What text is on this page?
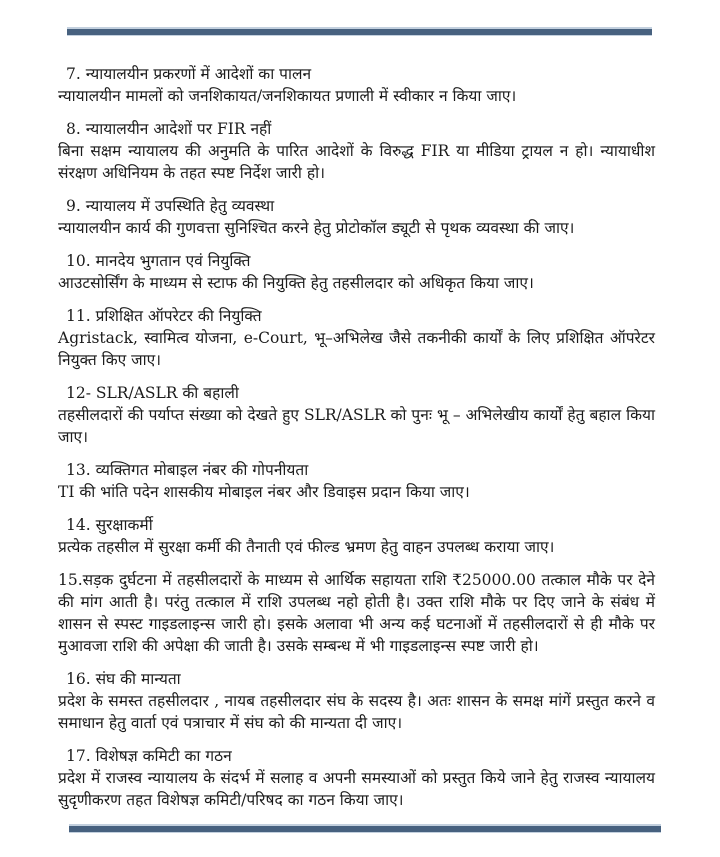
7. न्यायालयीन प्रकरणों में आदेशों का पालन
न्यायालयीन मामलों को जनशिकायत/जनशिकायत प्रणाली में स्वीकार न किया जाए।
8. न्यायालयीन आदेशों पर FIR नहीं
बिना सक्षम न्यायालय की अनुमति के पारित आदेशों के विरुद्ध FIR या मीडिया ट्रायल न हो। न्यायाधीश संरक्षण अधिनियम के तहत स्पष्ट निर्देश जारी हो।
9. न्यायालय में उपस्थिति हेतु व्यवस्था
न्यायालयीन कार्य की गुणवत्ता सुनिश्चित करने हेतु प्रोटोकॉल ड्यूटी से पृथक व्यवस्था की जाए।
10. मानदेय भुगतान एवं नियुक्ति
आउटसोर्सिंग के माध्यम से स्टाफ की नियुक्ति हेतु तहसीलदार को अधिकृत किया जाए।
11. प्रशिक्षित ऑपरेटर की नियुक्ति
Agristack, स्वामित्व योजना, e-Court, भू–अभिलेख जैसे तकनीकी कार्यों के लिए प्रशिक्षित ऑपरेटर नियुक्त किए जाए।
12- SLR/ASLR की बहाली
तहसीलदारों की पर्याप्त संख्या को देखते हुए SLR/ASLR को पुनः भू – अभिलेखीय कार्यों हेतु बहाल किया जाए।
13. व्यक्तिगत मोबाइल नंबर की गोपनीयता
TI की भांति पदेन शासकीय मोबाइल नंबर और डिवाइस प्रदान किया जाए।
14. सुरक्षाकर्मी
प्रत्येक तहसील में सुरक्षा कर्मी की तैनाती एवं फील्ड भ्रमण हेतु वाहन उपलब्ध कराया जाए।
15.सड़क दुर्घटना में तहसीलदारों के माध्यम से आर्थिक सहायता राशि ₹25000.00 तत्काल मौके पर देने की मांग आती है। परंतु तत्काल में राशि उपलब्ध नहो होती है। उक्त राशि मौके पर दिए जाने के संबंध में शासन से स्पस्ट गाइडलाइन्स जारी हो। इसके अलावा भी अन्य कई घटनाओं में तहसीलदारों से ही मौके पर मुआवजा राशि की अपेक्षा की जाती है। उसके सम्बन्ध में भी गाइडलाइन्स स्पष्ट जारी हो।
16. संघ की मान्यता
प्रदेश के समस्त तहसीलदार , नायब तहसीलदार संघ के सदस्य है। अतः शासन के समक्ष मांगें प्रस्तुत करने व समाधान हेतु वार्ता एवं पत्राचार में संघ को की मान्यता दी जाए।
17. विशेषज्ञ कमिटी का गठन
प्रदेश में राजस्व न्यायालय के संदर्भ में सलाह व अपनी समस्याओं को प्रस्तुत किये जाने हेतु राजस्व न्यायालय सुदृणीकरण तहत विशेषज्ञ कमिटी/परिषद का गठन किया जाए।
